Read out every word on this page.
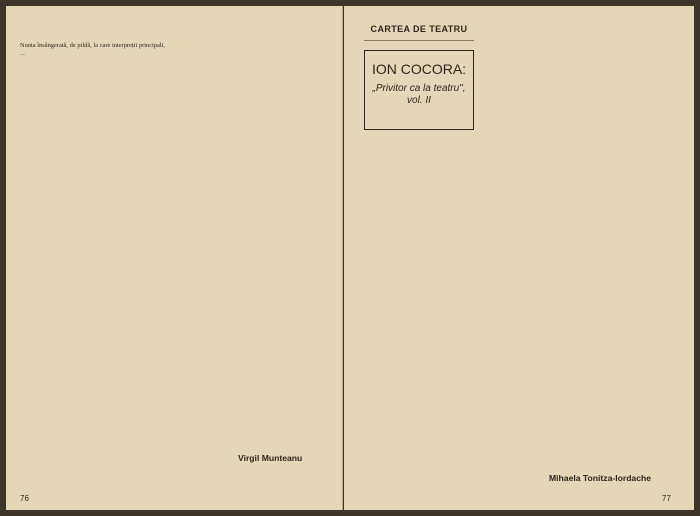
Nunta însângerată, de pildă, la care interpreții principali, ...

Virgil Munteanu
76
CARTEA DE TEATRU
ION COCORA:
„Privitor ca la teatru", vol. II

Mihaela Tonitza-Iordache
77
